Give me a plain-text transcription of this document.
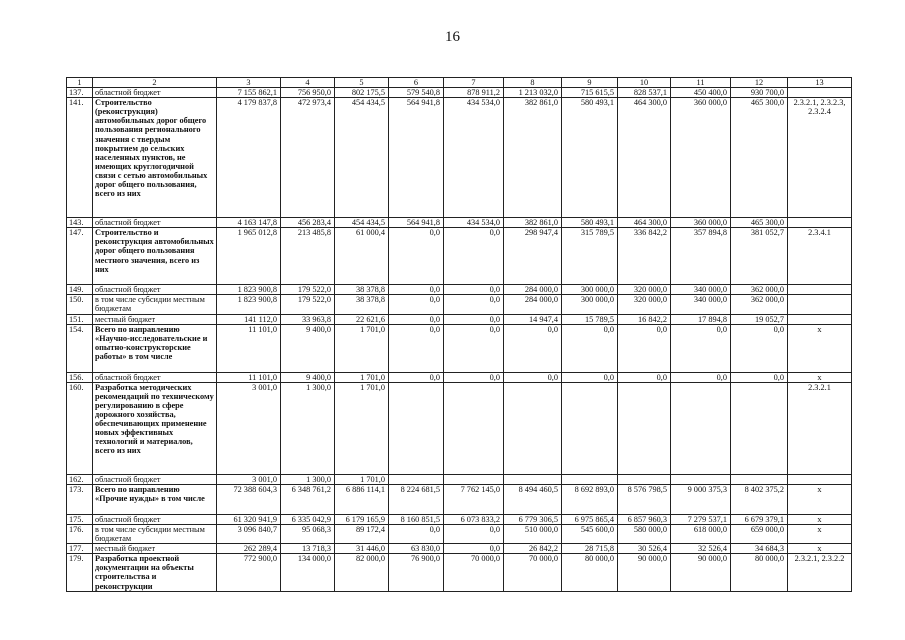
16
1	2	3	4	5	6	7	8	9	10	11	12	13
137.	областной бюджет	7 155 862,1	756 950,0	802 175,5	579 540,8	878 911,2	1 213 032,0	715 615,5	828 537,1	450 400,0	930 700,0	
141.	Строительство (реконструкция) автомобильных дорог общего пользования регионального значения с твердым покрытием до сельских населенных пунктов, не имеющих круглогодичной связи с сетью автомобильных дорог общего пользования, всего из них	4 179 837,8	472 973,4	454 434,5	564 941,8	434 534,0	382 861,0	580 493,1	464 300,0	360 000,0	465 300,0	2.3.2.1, 2.3.2.3, 2.3.2.4
143.	областной бюджет	4 163 147,8	456 283,4	454 434,5	564 941,8	434 534,0	382 861,0	580 493,1	464 300,0	360 000,0	465 300,0	
147.	Строительство и реконструкция автомобильных дорог общего пользования местного значения, всего из них	1 965 012,8	213 485,8	61 000,4	0,0	0,0	298 947,4	315 789,5	336 842,2	357 894,8	381 052,7	2.3.4.1
149.	областной бюджет	1 823 900,8	179 522,0	38 378,8	0,0	0,0	284 000,0	300 000,0	320 000,0	340 000,0	362 000,0	
150.	в том числе субсидии местным бюджетам	1 823 900,8	179 522,0	38 378,8	0,0	0,0	284 000,0	300 000,0	320 000,0	340 000,0	362 000,0	
151.	местный бюджет	141 112,0	33 963,8	22 621,6	0,0	0,0	14 947,4	15 789,5	16 842,2	17 894,8	19 052,7	
154.	Всего по направлению «Научно-исследовательские и опытно-конструкторские работы» в том числе	11 101,0	9 400,0	1 701,0	0,0	0,0	0,0	0,0	0,0	0,0	0,0	x
156.	областной бюджет	11 101,0	9 400,0	1 701,0	0,0	0,0	0,0	0,0	0,0	0,0	0,0	x
160.	Разработка методических рекомендаций по техническому регулированию в сфере дорожного хозяйства, обеспечивающих применение новых эффективных технологий и материалов, всего из них	3 001,0	1 300,0	1 701,0								2.3.2.1
162.	областной бюджет	3 001,0	1 300,0	1 701,0								
173.	Всего по направлению «Прочие нужды» в том числе	72 388 604,3	6 348 761,2	6 886 114,1	8 224 681,5	7 762 145,0	8 494 460,5	8 692 893,0	8 576 798,5	9 000 375,3	8 402 375,2	x
175.	областной бюджет	61 320 941,9	6 335 042,9	6 179 165,9	8 160 851,5	6 073 833,2	6 779 306,5	6 975 865,4	6 857 960,3	7 279 537,1	6 679 379,1	x
176.	в том числе субсидии местным бюджетам	3 096 840,7	95 068,3	89 172,4	0,0	0,0	510 000,0	545 600,0	580 000,0	618 000,0	659 000,0	x
177.	местный бюджет	262 289,4	13 718,3	31 446,0	63 830,0	0,0	26 842,2	28 715,8	30 526,4	32 526,4	34 684,3	x
179.	Разработка проектной документации на объекты строительства и реконструкции	772 900,0	134 000,0	82 000,0	76 900,0	70 000,0	70 000,0	80 000,0	90 000,0	90 000,0	80 000,0	2.3.2.1, 2.3.2.2
